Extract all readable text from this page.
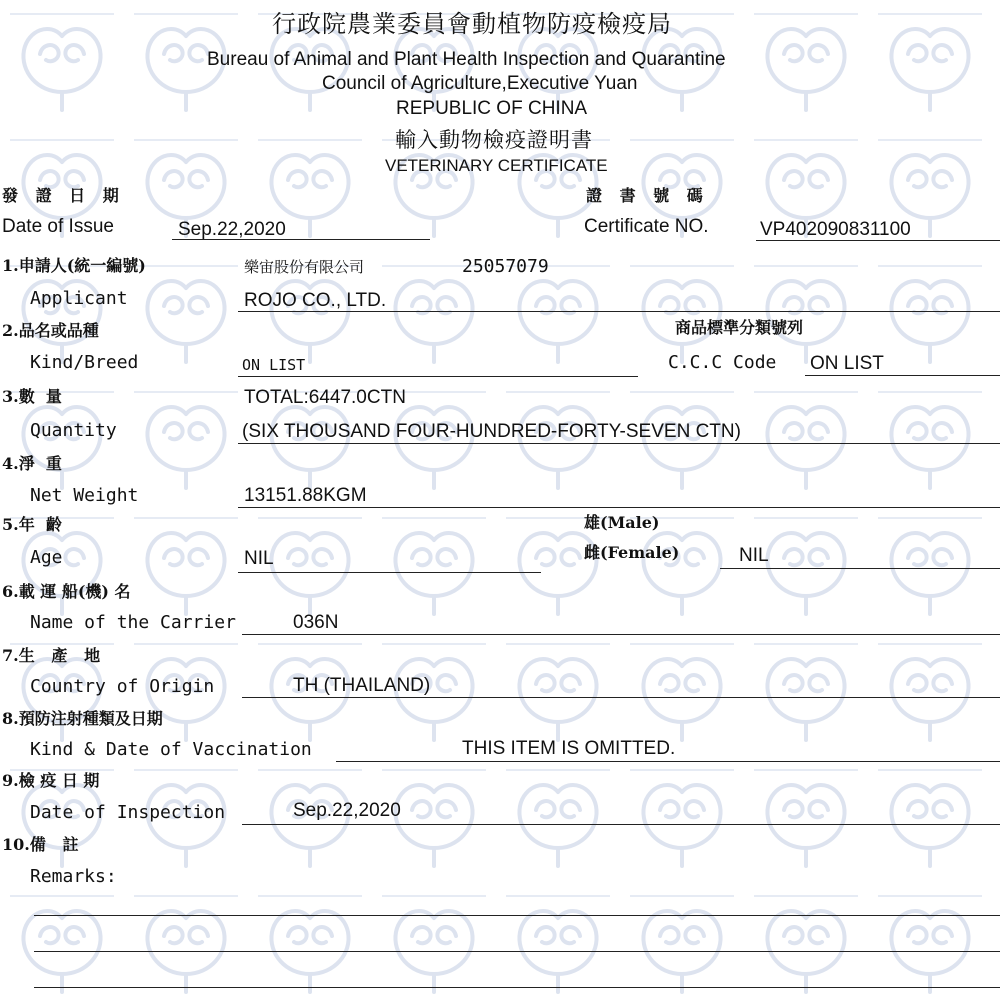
行政院農業委員會動植物防疫檢疫局
Bureau of Animal and Plant Health Inspection and Quarantine
Council of Agriculture,Executive Yuan
REPUBLIC OF CHINA
輸入動物檢疫證明書
VETERINARY CERTIFICATE
發 證 日 期
Date of Issue	Sep.22,2020
證 書 號 碼
Certificate NO.	VP402090831100
1.申請人(統一編號)	樂宙股份有限公司	25057079
Applicant	ROJO CO., LTD.
2.品名或品種	商品標準分類號列
Kind/Breed	ON LIST	C.C.C Code ON LIST
3.數  量	TOTAL:6447.0CTN
Quantity	(SIX THOUSAND FOUR-HUNDRED-FORTY-SEVEN CTN)
4.淨  重
Net Weight	13151.88KGM
5.年  齡	雄(Male)
Age	NIL	雌(Female)	NIL
6.載 運 船(機) 名
Name of the Carrier	036N
7.生   產   地
Country of Origin	TH (THAILAND)
8.預防注射種類及日期
Kind & Date of Vaccination	THIS ITEM IS OMITTED.
9.檢 疫 日 期
Date of Inspection	Sep.22,2020
10.備   註
Remarks:
